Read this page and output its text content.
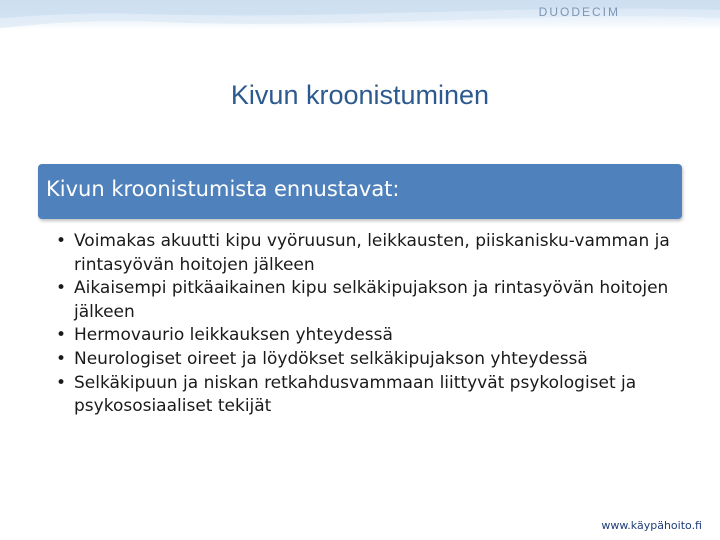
DUODECIM
Kivun kroonistuminen
Kivun kroonistumista ennustavat:
• Voimakas akuutti kipu vyöruusun, leikkausten, piiskanisku-vamman ja rintasyövän hoitojen jälkeen
• Aikaisempi pitkäaikainen kipu selkäkipujakson ja rintasyövän hoitojen jälkeen
• Hermovaurio leikkauksen yhteydessä
• Neurologiset oireet ja löydökset selkäkipujakson yhteydessä
• Selkäkipuun ja niskan retkahdusvammaan liittyvät psykologiset ja psykososiaaliset tekijät
www.käypähoito.fi
